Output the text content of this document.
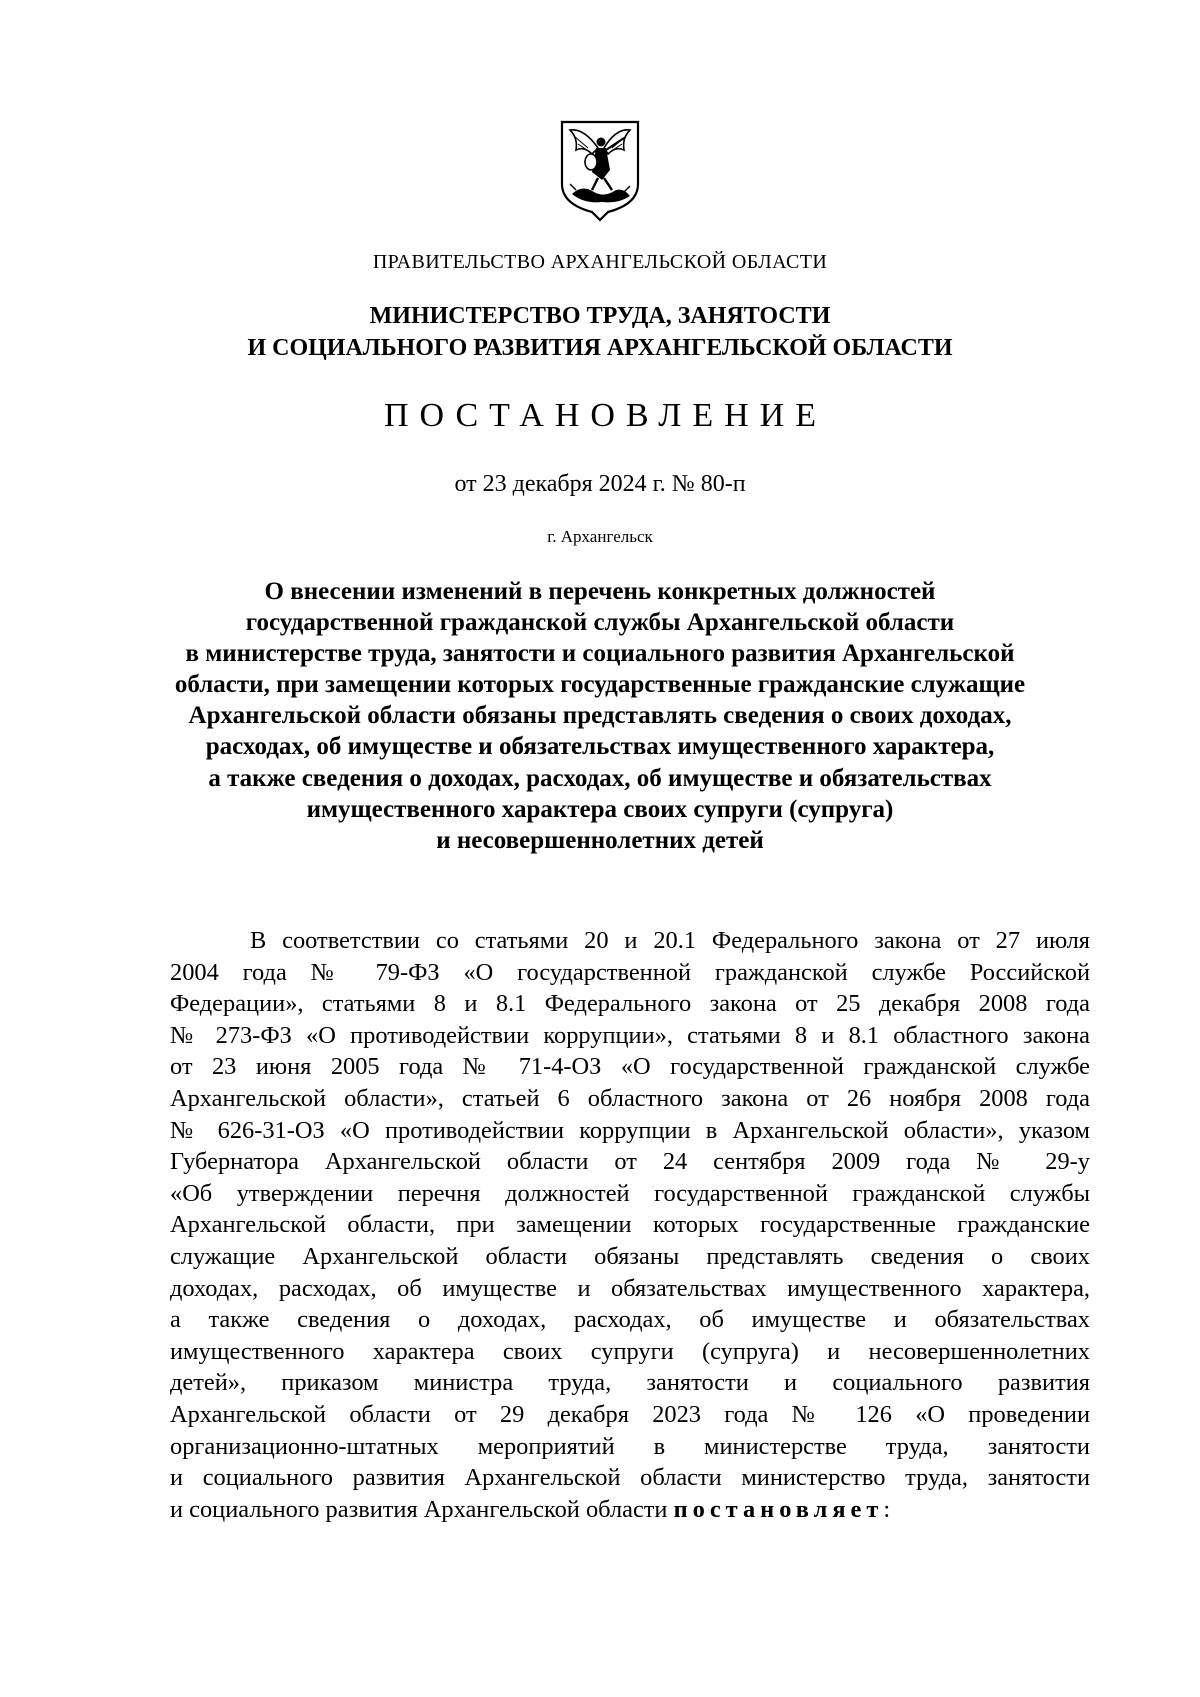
ПРАВИТЕЛЬСТВО АРХАНГЕЛЬСКОЙ ОБЛАСТИ
МИНИСТЕРСТВО ТРУДА, ЗАНЯТОСТИ
И СОЦИАЛЬНОГО РАЗВИТИЯ АРХАНГЕЛЬСКОЙ ОБЛАСТИ
ПОСТАНОВЛЕНИЕ
от 23 декабря 2024 г. № 80-п
г. Архангельск
О внесении изменений в перечень конкретных должностей
государственной гражданской службы Архангельской области
в министерстве труда, занятости и социального развития Архангельской
области, при замещении которых государственные гражданские служащие
Архангельской области обязаны представлять сведения о своих доходах,
расходах, об имуществе и обязательствах имущественного характера,
а также сведения о доходах, расходах, об имуществе и обязательствах
имущественного характера своих супруги (супруга)
и несовершеннолетних детей
В соответствии со статьями 20 и 20.1 Федерального закона от 27 июля
2004 года № 79-ФЗ «О государственной гражданской службе Российской
Федерации», статьями 8 и 8.1 Федерального закона от 25 декабря 2008 года
№ 273-ФЗ «О противодействии коррупции», статьями 8 и 8.1 областного закона
от 23 июня 2005 года № 71-4-ОЗ «О государственной гражданской службе
Архангельской области», статьей 6 областного закона от 26 ноября 2008 года
№ 626-31-ОЗ «О противодействии коррупции в Архангельской области», указом
Губернатора Архангельской области от 24 сентября 2009 года № 29-у
«Об утверждении перечня должностей государственной гражданской службы
Архангельской области, при замещении которых государственные гражданские
служащие Архангельской области обязаны представлять сведения о своих
доходах, расходах, об имуществе и обязательствах имущественного характера,
а также сведения о доходах, расходах, об имуществе и обязательствах
имущественного характера своих супруги (супруга) и несовершеннолетних
детей», приказом министра труда, занятости и социального развития
Архангельской области от 29 декабря 2023 года № 126 «О проведении
организационно-штатных мероприятий в министерстве труда, занятости
и социального развития Архангельской области министерство труда, занятости
и социального развития Архангельской области постановляет:
